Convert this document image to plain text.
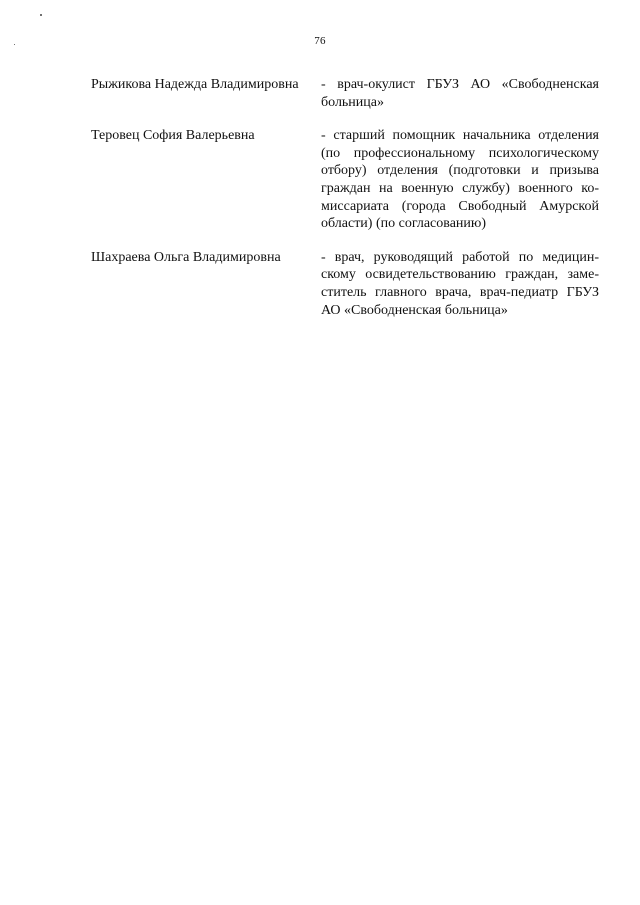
76
Рыжикова Надежда Владимировна	- врач-окулист ГБУЗ АО «Свободненская
больница»
Теровец София Валерьевна	- старший помощник начальника отделения
(по профессиональному психологическому
отбору) отделения (подготовки и призыва
граждан на военную службу) военного ко-
миссариата (города Свободный Амурской
области) (по согласованию)
Шахраева Ольга Владимировна	- врач, руководящий работой по медицин-
скому освидетельствованию граждан, заме-
ститель главного врача, врач-педиатр ГБУЗ
АО «Свободненская больница»
